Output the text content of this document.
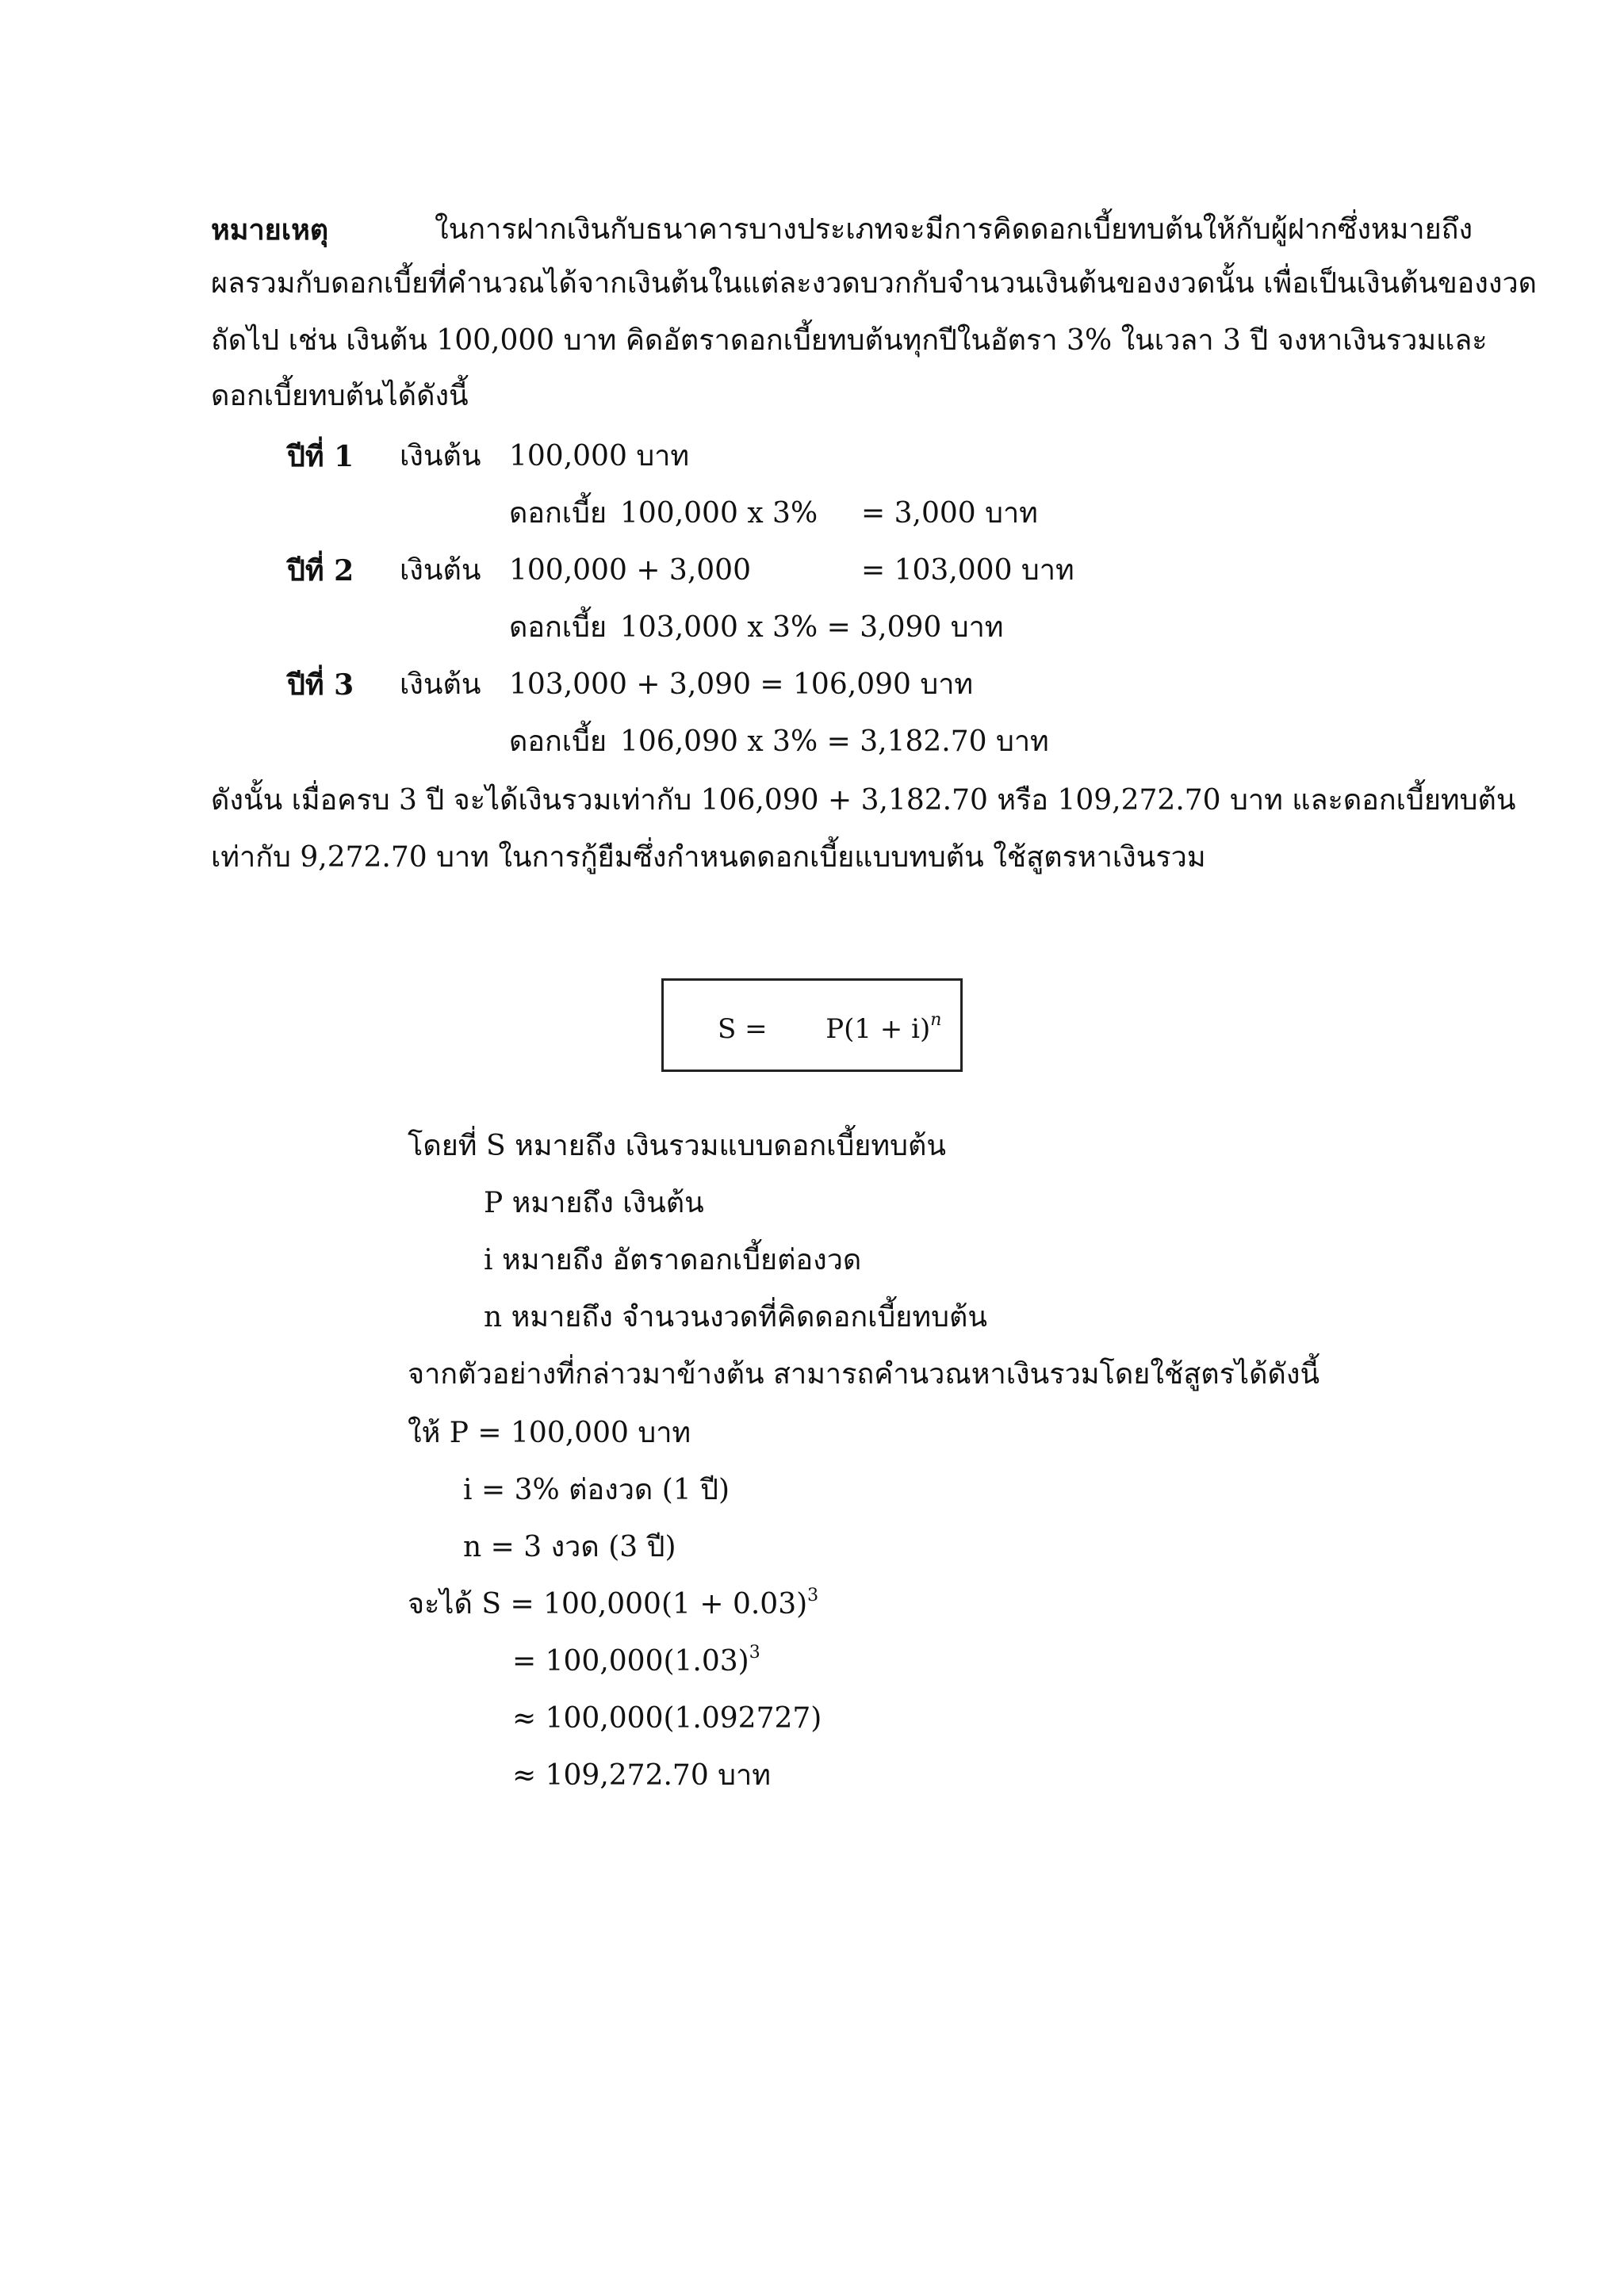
หมายเหตุ	ในการฝากเงินกับธนาคารบางประเภทจะมีการคิดดอกเบี้ยทบต้นให้กับผู้ฝากซึ่งหมายถึง
ผลรวมกับดอกเบี้ยที่คำนวณได้จากเงินต้นในแต่ละงวดบวกกับจำนวนเงินต้นของงวดนั้น เพื่อเป็นเงินต้นของงวด
ถัดไป เช่น เงินต้น 100,000 บาท คิดอัตราดอกเบี้ยทบต้นทุกปีในอัตรา 3% ในเวลา 3 ปี จงหาเงินรวมและ
ดอกเบี้ยทบต้นได้ดังนี้
ปีที่ 1 เงินต้น 100,000 บาท
ดอกเบี้ย 100,000 x 3% = 3,000 บาท
ปีที่ 2 เงินต้น 100,000 + 3,000	= 103,000 บาท
ดอกเบี้ย 103,000 x 3% = 3,090 บาท
ปีที่ 3 เงินต้น 103,000 + 3,090 = 106,090 บาท
ดอกเบี้ย 106,090 x 3% = 3,182.70 บาท
ดังนั้น เมื่อครบ 3 ปี จะได้เงินรวมเท่ากับ 106,090 + 3,182.70 หรือ 109,272.70 บาท และดอกเบี้ยทบต้น
เท่ากับ 9,272.70 บาท ในการกู้ยืมซึ่งกำหนดดอกเบี้ยแบบทบต้น ใช้สูตรหาเงินรวม
$S = P(1 + i)^n$
โดยที่ S หมายถึง เงินรวมแบบดอกเบี้ยทบต้น
P หมายถึง เงินต้น
i หมายถึง อัตราดอกเบี้ยต่องวด
n หมายถึง จำนวนงวดที่คิดดอกเบี้ยทบต้น
จากตัวอย่างที่กล่าวมาข้างต้น สามารถคำนวณหาเงินรวมโดยใช้สูตรได้ดังนี้
ให้ P = 100,000 บาท
i = 3% ต่องวด (1 ปี)
n = 3 งวด (3 ปี)
จะได้ $S = 100,000(1 + 0.03)^3$
= $100,000(1.03)^3$
≈ 100,000(1.092727)
≈ 109,272.70 บาท
